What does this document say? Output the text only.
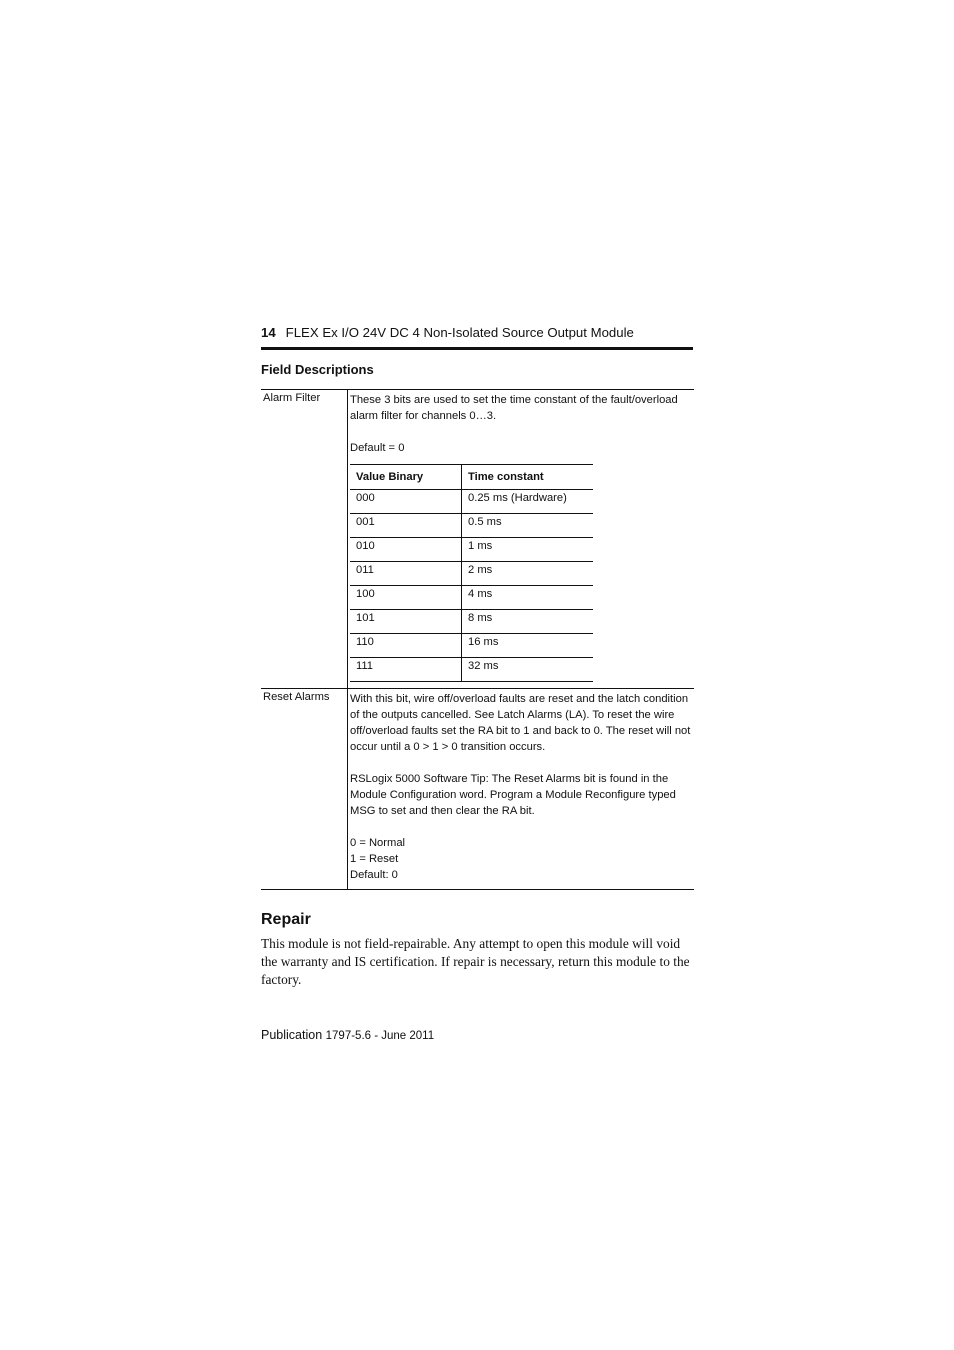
14 FLEX Ex I/O 24V DC 4 Non-Isolated Source Output Module
Field Descriptions
Alarm Filter	These 3 bits are used to set the time constant of the fault/overload alarm filter for channels 0…3.

Default = 0

Value Binary	Time constant
000	0.25 ms (Hardware)
001	0.5 ms
010	1 ms
011	2 ms
100	4 ms
101	8 ms
110	16 ms
111	32 ms

Reset Alarms	With this bit, wire off/overload faults are reset and the latch condition of the outputs cancelled. See Latch Alarms (LA). To reset the wire off/overload faults set the RA bit to 1 and back to 0. The reset will not occur until a 0 > 1 > 0 transition occurs.

RSLogix 5000 Software Tip: The Reset Alarms bit is found in the Module Configuration word. Program a Module Reconfigure typed MSG to set and then clear the RA bit.

0 = Normal

1 = Reset

Default: 0

Repair

This module is not field-repairable. Any attempt to open this module will void the warranty and IS certification. If repair is necessary, return this module to the factory.

Publication 1797-5.6 - June 2011
